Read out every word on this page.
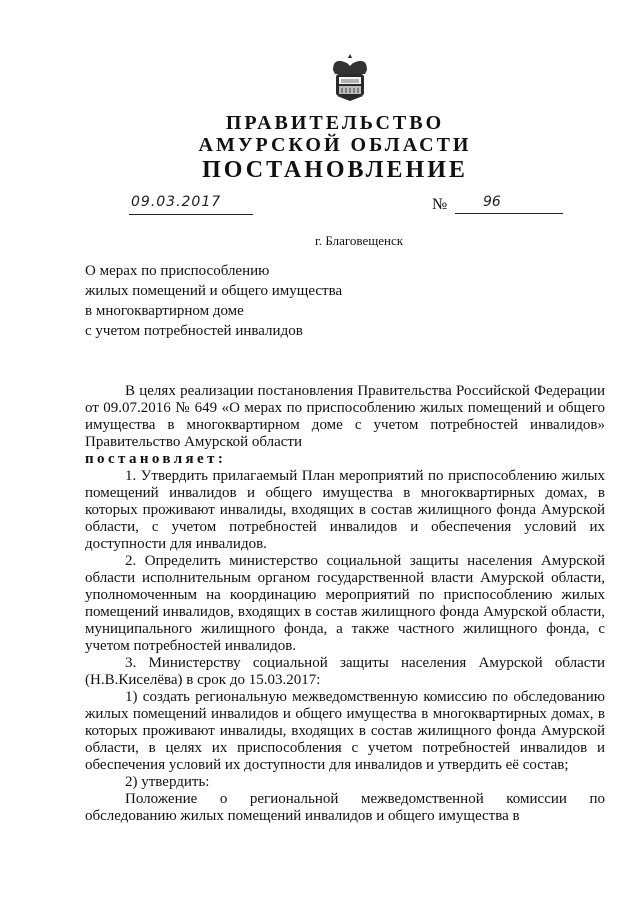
ПРАВИТЕЛЬСТВО
АМУРСКОЙ ОБЛАСТИ
ПОСТАНОВЛЕНИЕ
09.03.2017	№	96
г. Благовещенск
О мерах по приспособлению
жилых помещений и общего имущества
в многоквартирном доме
с учетом потребностей инвалидов

В целях реализации постановления Правительства Российской Федерации от 09.07.2016 № 649 «О мерах по приспособлению жилых помещений и общего имущества в многоквартирном доме с учетом потребностей инвалидов» Правительство Амурской области

постановляет:

1. Утвердить прилагаемый План мероприятий по приспособлению жилых помещений инвалидов и общего имущества в многоквартирных домах, в которых проживают инвалиды, входящих в состав жилищного фонда Амурской области, с учетом потребностей инвалидов и обеспечения условий их доступности для инвалидов.

2. Определить министерство социальной защиты населения Амурской области исполнительным органом государственной власти Амурской области, уполномоченным на координацию мероприятий по приспособлению жилых помещений инвалидов, входящих в состав жилищного фонда Амурской области, муниципального жилищного фонда, а также частного жилищного фонда, с учетом потребностей инвалидов.

3. Министерству социальной защиты населения Амурской области (Н.В.Киселёва) в срок до 15.03.2017:

1) создать региональную межведомственную комиссию по обследованию жилых помещений инвалидов и общего имущества в многоквартирных домах, в которых проживают инвалиды, входящих в состав жилищного фонда Амурской области, в целях их приспособления с учетом потребностей инвалидов и обеспечения условий их доступности для инвалидов и утвердить её состав;

2) утвердить:

Положение о региональной межведомственной комиссии по обследованию жилых помещений инвалидов и общего имущества в
